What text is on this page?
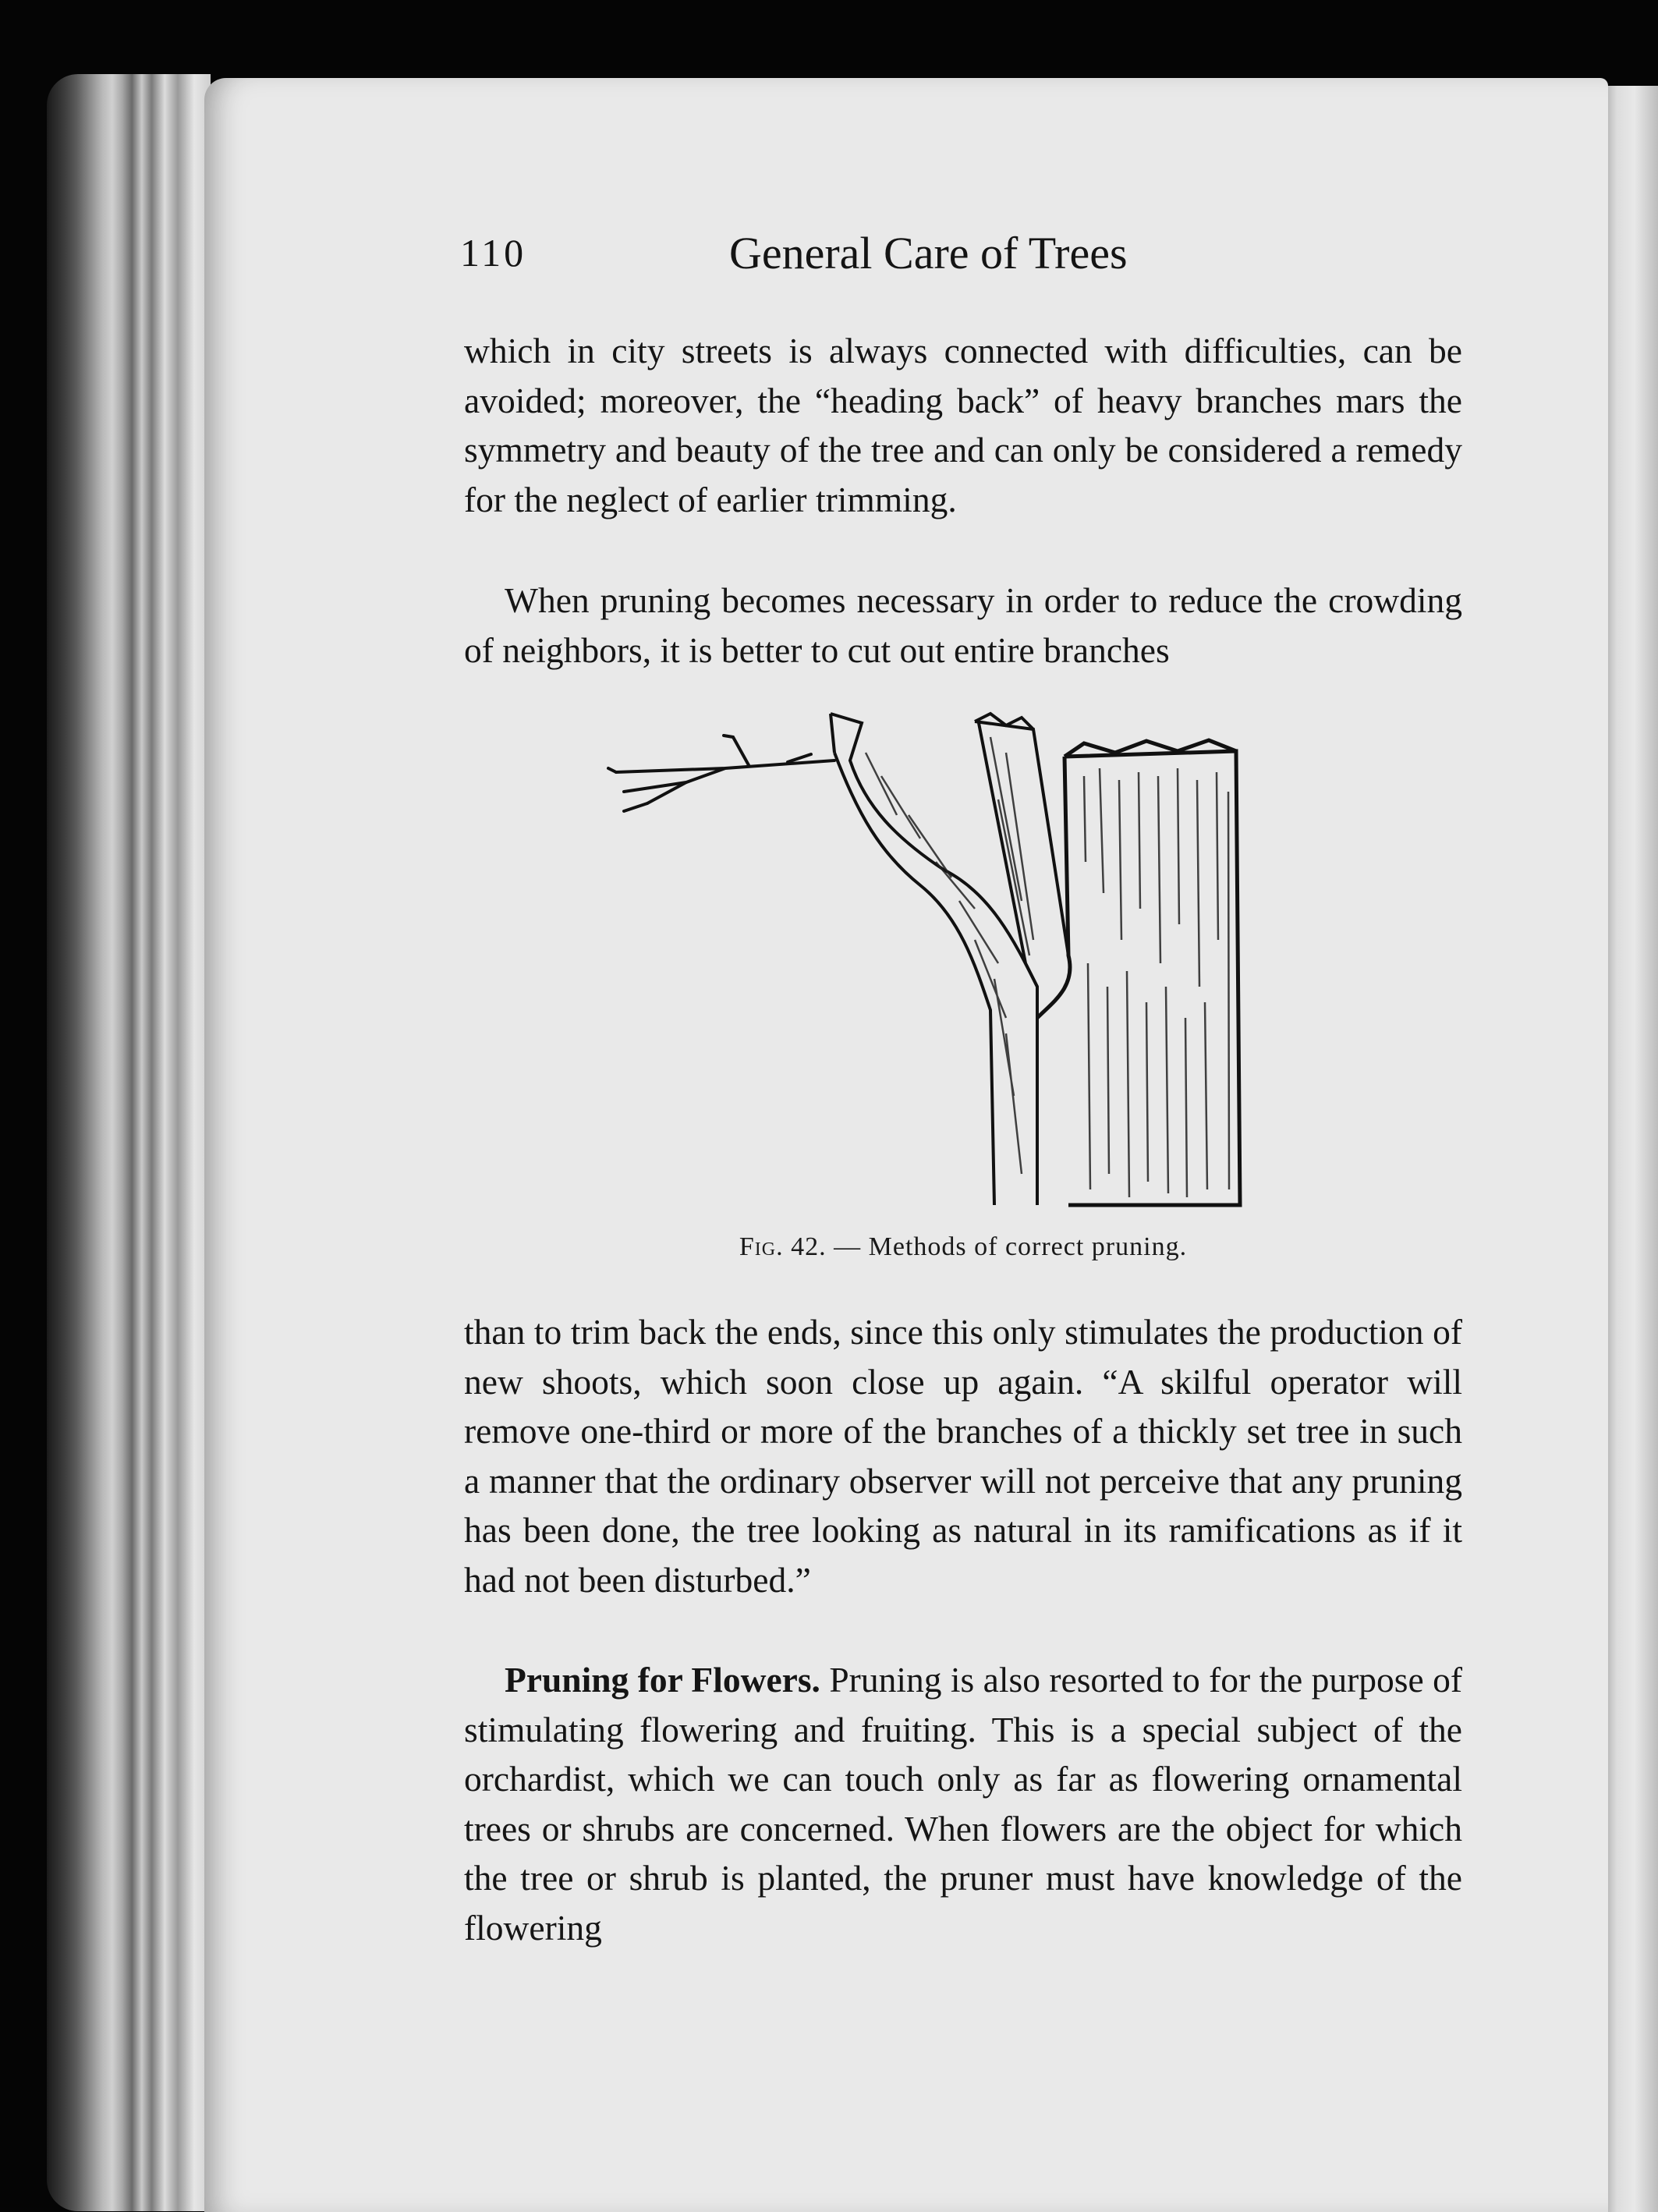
110	General Care of Trees

which in city streets is always connected with difficulties, can be avoided; moreover, the “heading back” of heavy branches mars the symmetry and beauty of the tree and can only be considered a remedy for the neglect of earlier trimming.

When pruning becomes necessary in order to reduce the crowding of neighbors, it is better to cut out entire branches

Fig. 42. — Methods of correct pruning.

than to trim back the ends, since this only stimulates the production of new shoots, which soon close up again. “A skilful operator will remove one-third or more of the branches of a thickly set tree in such a manner that the ordinary observer will not perceive that any pruning has been done, the tree looking as natural in its ramifications as if it had not been disturbed.”

Pruning for Flowers. Pruning is also resorted to for the purpose of stimulating flowering and fruiting. This is a special subject of the orchardist, which we can touch only as far as flowering ornamental trees or shrubs are concerned. When flowers are the object for which the tree or shrub is planted, the pruner must have knowledge of the flowering
